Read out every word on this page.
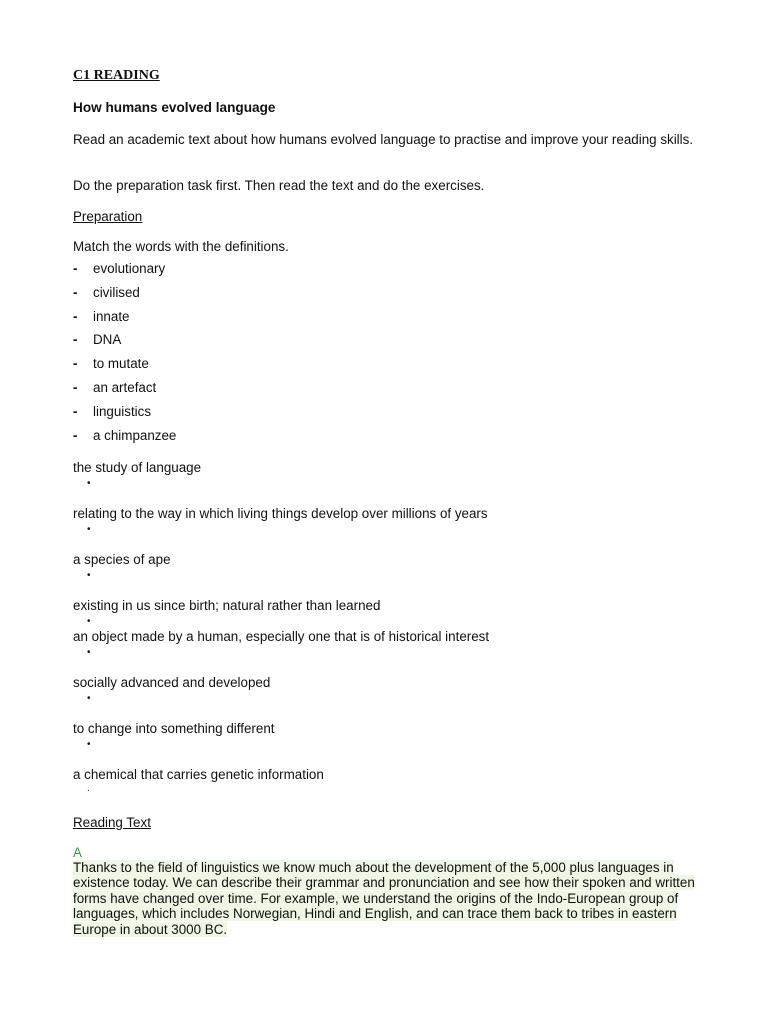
C1 READING
How humans evolved language
Read an academic text about how humans evolved language to practise and improve your reading skills.
Do the preparation task first. Then read the text and do the exercises.
Preparation
Match the words with the definitions.
- evolutionary
- civilised
- innate
- DNA
- to mutate
- an artefact
- linguistics
- a chimpanzee
the study of language
•
relating to the way in which living things develop over millions of years
•
a species of ape
•
existing in us since birth; natural rather than learned
•
an object made by a human, especially one that is of historical interest
•
socially advanced and developed
•
to change into something different
•
a chemical that carries genetic information
.
Reading Text
A
Thanks to the field of linguistics we know much about the development of the 5,000 plus languages in existence today. We can describe their grammar and pronunciation and see how their spoken and written forms have changed over time. For example, we understand the origins of the Indo-European group of languages, which includes Norwegian, Hindi and English, and can trace them back to tribes in eastern Europe in about 3000 BC.
